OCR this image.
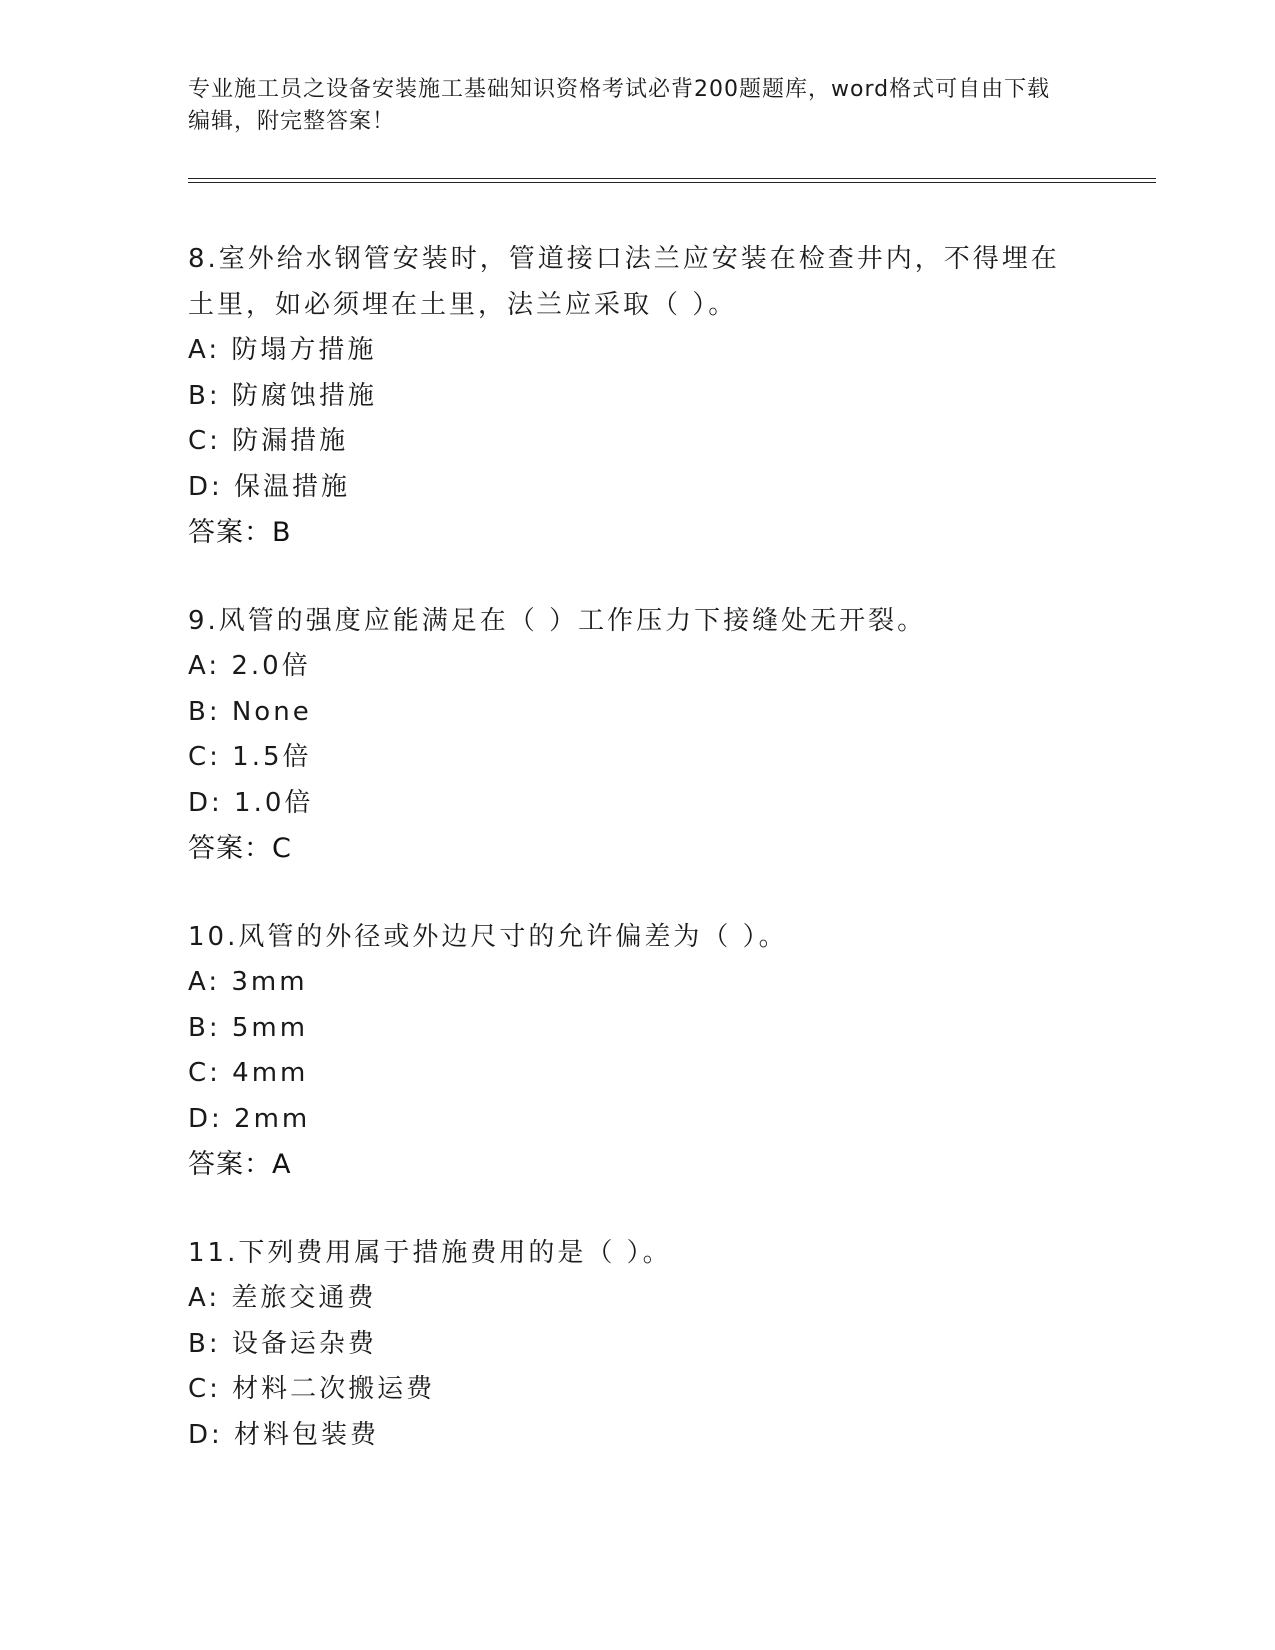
专业施工员之设备安装施工基础知识资格考试必背200题题库，word格式可自由下载编辑，附完整答案！

8.室外给水钢管安装时，管道接口法兰应安装在检查井内，不得埋在土里，如必须埋在土里，法兰应采取（ ）。

A: 防塌方措施
B: 防腐蚀措施
C: 防漏措施
D: 保温措施
答案：B

9.风管的强度应能满足在（ ）工作压力下接缝处无开裂。

A: 2.0倍
B: None
C: 1.5倍
D: 1.0倍
答案：C

10.风管的外径或外边尺寸的允许偏差为（ ）。

A: 3mm
B: 5mm
C: 4mm
D: 2mm
答案：A

11.下列费用属于措施费用的是（ ）。

A: 差旅交通费
B: 设备运杂费
C: 材料二次搬运费
D: 材料包装费
